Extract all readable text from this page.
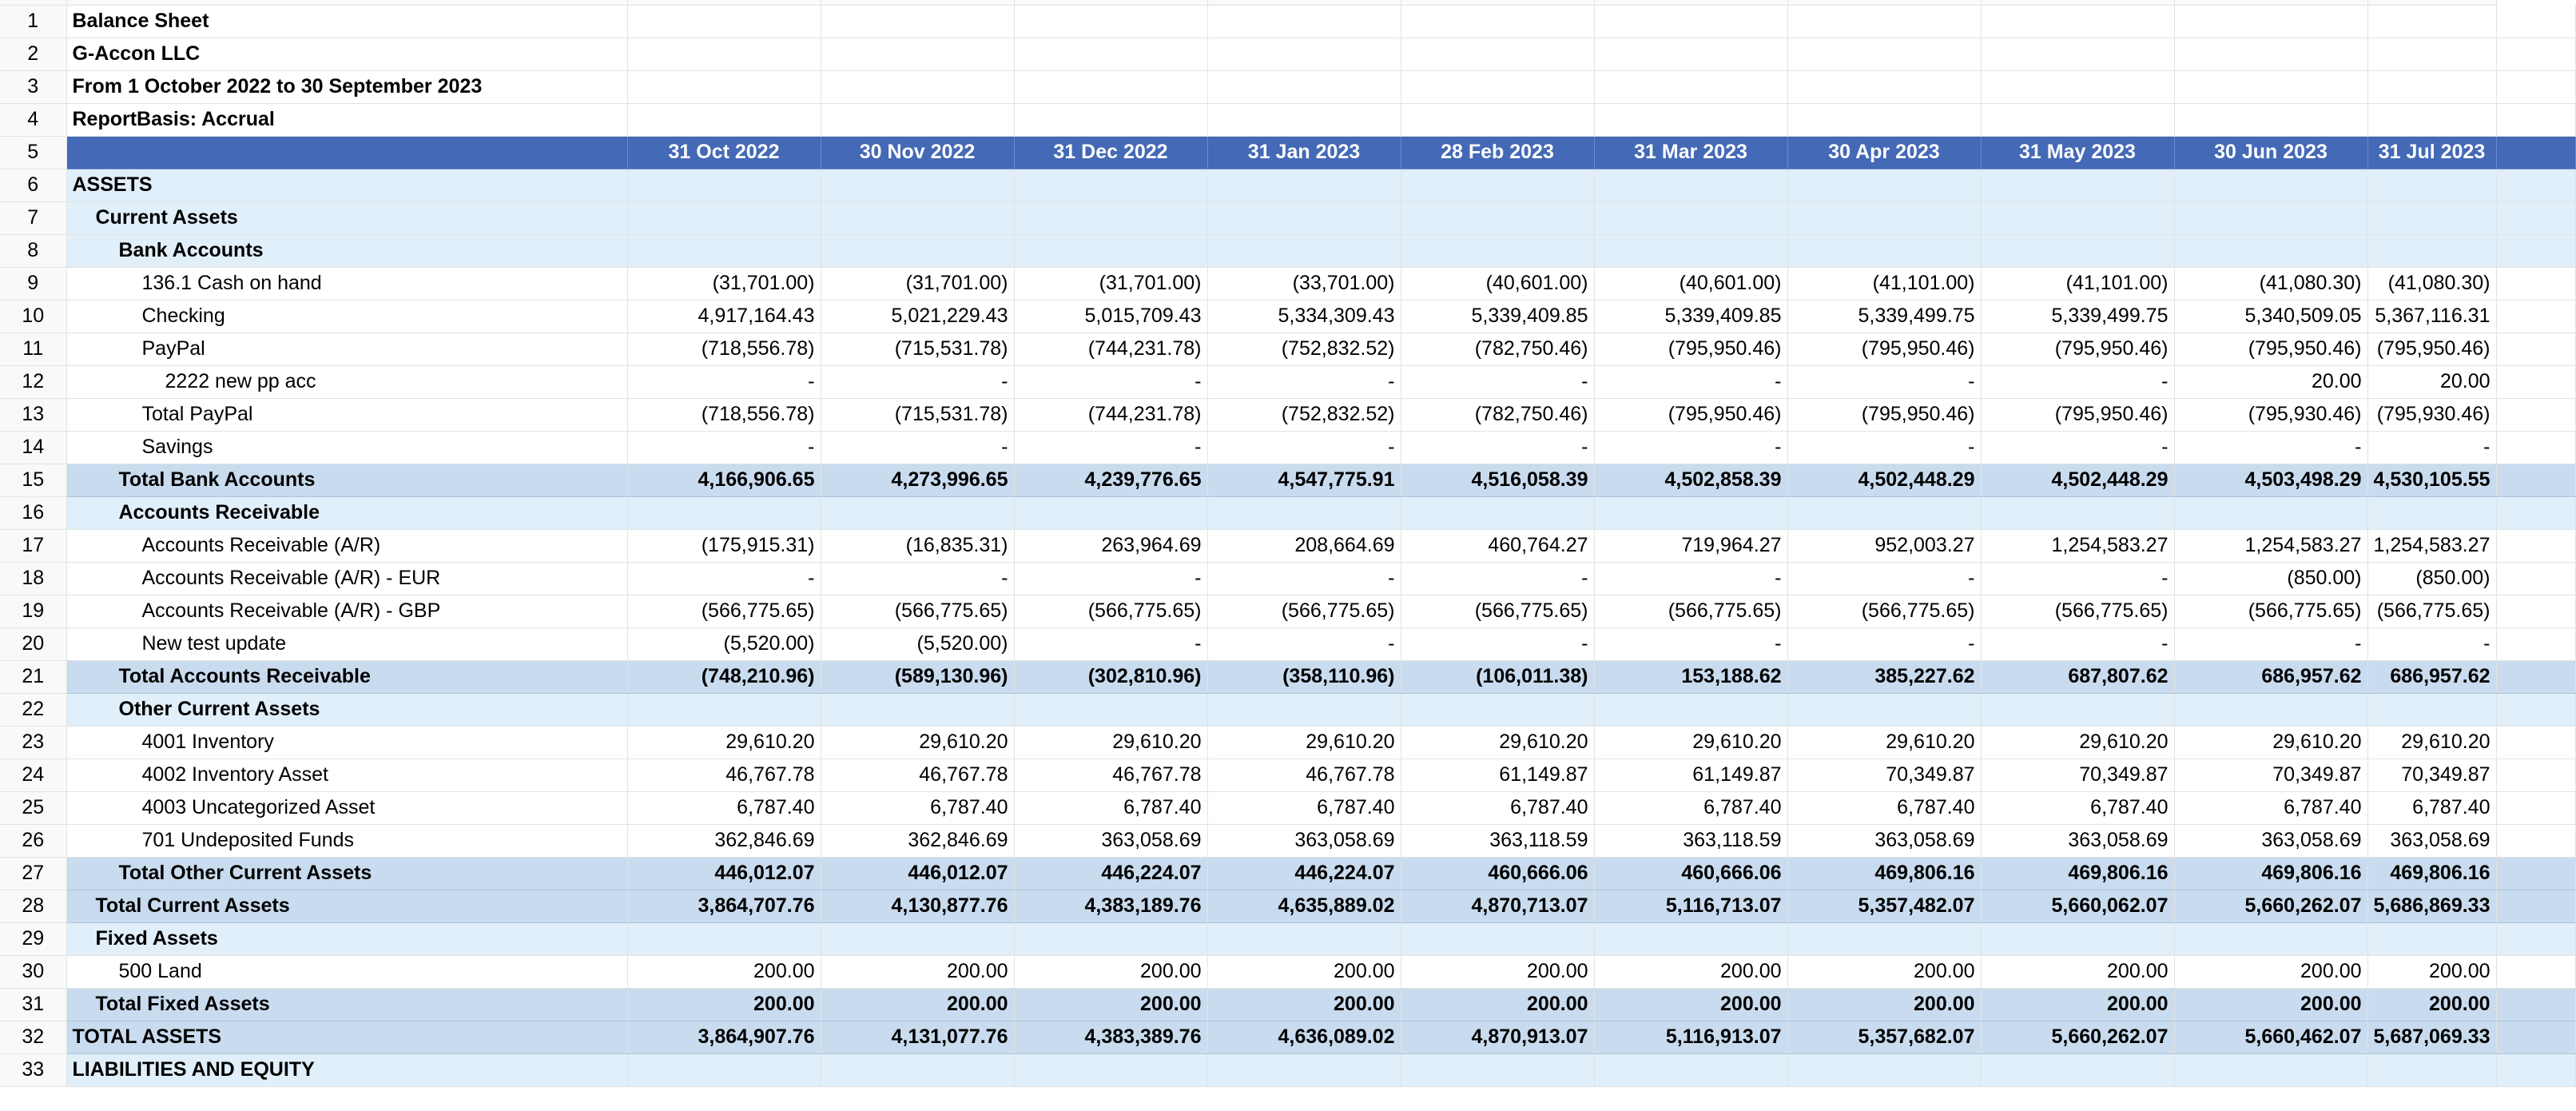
1	Balance Sheet											
2	G-Accon LLC											
3	From 1 October 2022 to 30 September 2023											
4	ReportBasis: Accrual											
5		31 Oct 2022	30 Nov 2022	31 Dec 2022	31 Jan 2023	28 Feb 2023	31 Mar 2023	30 Apr 2023	31 May 2023	30 Jun 2023	31 Jul 2023	
6	ASSETS											
7	Current Assets											
8	Bank Accounts											
9	136.1 Cash on hand	(31,701.00)	(31,701.00)	(31,701.00)	(33,701.00)	(40,601.00)	(40,601.00)	(41,101.00)	(41,101.00)	(41,080.30)	(41,080.30)	
10	Checking	4,917,164.43	5,021,229.43	5,015,709.43	5,334,309.43	5,339,409.85	5,339,409.85	5,339,499.75	5,339,499.75	5,340,509.05	5,367,116.31	
11	PayPal	(718,556.78)	(715,531.78)	(744,231.78)	(752,832.52)	(782,750.46)	(795,950.46)	(795,950.46)	(795,950.46)	(795,950.46)	(795,950.46)	
12	2222 new pp acc	-	-	-	-	-	-	-	-	20.00	20.00	
13	Total PayPal	(718,556.78)	(715,531.78)	(744,231.78)	(752,832.52)	(782,750.46)	(795,950.46)	(795,950.46)	(795,950.46)	(795,930.46)	(795,930.46)	
14	Savings	-	-	-	-	-	-	-	-	-	-	
15	Total Bank Accounts	4,166,906.65	4,273,996.65	4,239,776.65	4,547,775.91	4,516,058.39	4,502,858.39	4,502,448.29	4,502,448.29	4,503,498.29	4,530,105.55	
16	Accounts Receivable											
17	Accounts Receivable (A/R)	(175,915.31)	(16,835.31)	263,964.69	208,664.69	460,764.27	719,964.27	952,003.27	1,254,583.27	1,254,583.27	1,254,583.27	
18	Accounts Receivable (A/R) - EUR	-	-	-	-	-	-	-	-	(850.00)	(850.00)	
19	Accounts Receivable (A/R) - GBP	(566,775.65)	(566,775.65)	(566,775.65)	(566,775.65)	(566,775.65)	(566,775.65)	(566,775.65)	(566,775.65)	(566,775.65)	(566,775.65)	
20	New test update	(5,520.00)	(5,520.00)	-	-	-	-	-	-	-	-	
21	Total Accounts Receivable	(748,210.96)	(589,130.96)	(302,810.96)	(358,110.96)	(106,011.38)	153,188.62	385,227.62	687,807.62	686,957.62	686,957.62	
22	Other Current Assets											
23	4001 Inventory	29,610.20	29,610.20	29,610.20	29,610.20	29,610.20	29,610.20	29,610.20	29,610.20	29,610.20	29,610.20	
24	4002 Inventory Asset	46,767.78	46,767.78	46,767.78	46,767.78	61,149.87	61,149.87	70,349.87	70,349.87	70,349.87	70,349.87	
25	4003 Uncategorized Asset	6,787.40	6,787.40	6,787.40	6,787.40	6,787.40	6,787.40	6,787.40	6,787.40	6,787.40	6,787.40	
26	701 Undeposited Funds	362,846.69	362,846.69	363,058.69	363,058.69	363,118.59	363,118.59	363,058.69	363,058.69	363,058.69	363,058.69	
27	Total Other Current Assets	446,012.07	446,012.07	446,224.07	446,224.07	460,666.06	460,666.06	469,806.16	469,806.16	469,806.16	469,806.16	
28	Total Current Assets	3,864,707.76	4,130,877.76	4,383,189.76	4,635,889.02	4,870,713.07	5,116,713.07	5,357,482.07	5,660,062.07	5,660,262.07	5,686,869.33	
29	Fixed Assets											
30	500 Land	200.00	200.00	200.00	200.00	200.00	200.00	200.00	200.00	200.00	200.00	
31	Total Fixed Assets	200.00	200.00	200.00	200.00	200.00	200.00	200.00	200.00	200.00	200.00	
32	TOTAL ASSETS	3,864,907.76	4,131,077.76	4,383,389.76	4,636,089.02	4,870,913.07	5,116,913.07	5,357,682.07	5,660,262.07	5,660,462.07	5,687,069.33	
33	LIABILITIES AND EQUITY											
